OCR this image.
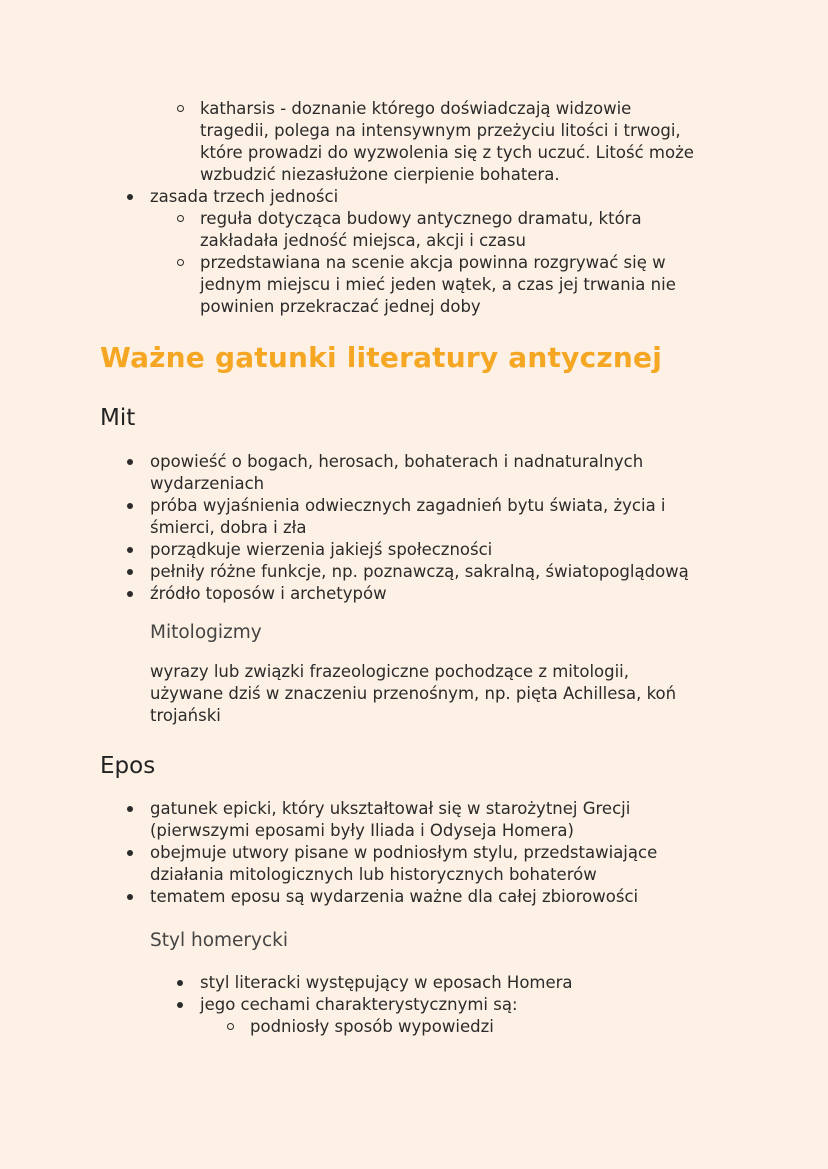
katharsis - doznanie którego doświadczają widzowie
tragedii, polega na intensywnym przeżyciu litości i trwogi,
które prowadzi do wyzwolenia się z tych uczuć. Litość może
wzbudzić niezasłużone cierpienie bohatera.
zasada trzech jedności
reguła dotycząca budowy antycznego dramatu, która
zakładała jedność miejsca, akcji i czasu
przedstawiana na scenie akcja powinna rozgrywać się w
jednym miejscu i mieć jeden wątek, a czas jej trwania nie
powinien przekraczać jednej doby
Ważne gatunki literatury antycznej
Mit
opowieść o bogach, herosach, bohaterach i nadnaturalnych
wydarzeniach
próba wyjaśnienia odwiecznych zagadnień bytu świata, życia i
śmierci, dobra i zła
porządkuje wierzenia jakiejś społeczności
pełniły różne funkcje, np. poznawczą, sakralną, światopoglądową
źródło toposów i archetypów
Mitologizmy
wyrazy lub związki frazeologiczne pochodzące z mitologii,
używane dziś w znaczeniu przenośnym, np. pięta Achillesa, koń
trojański
Epos
gatunek epicki, który ukształtował się w starożytnej Grecji
(pierwszymi eposami były Iliada i Odyseja Homera)
obejmuje utwory pisane w podniosłym stylu, przedstawiające
działania mitologicznych lub historycznych bohaterów
tematem eposu są wydarzenia ważne dla całej zbiorowości
Styl homerycki
styl literacki występujący w eposach Homera
jego cechami charakterystycznymi są:
podniosły sposób wypowiedzi
